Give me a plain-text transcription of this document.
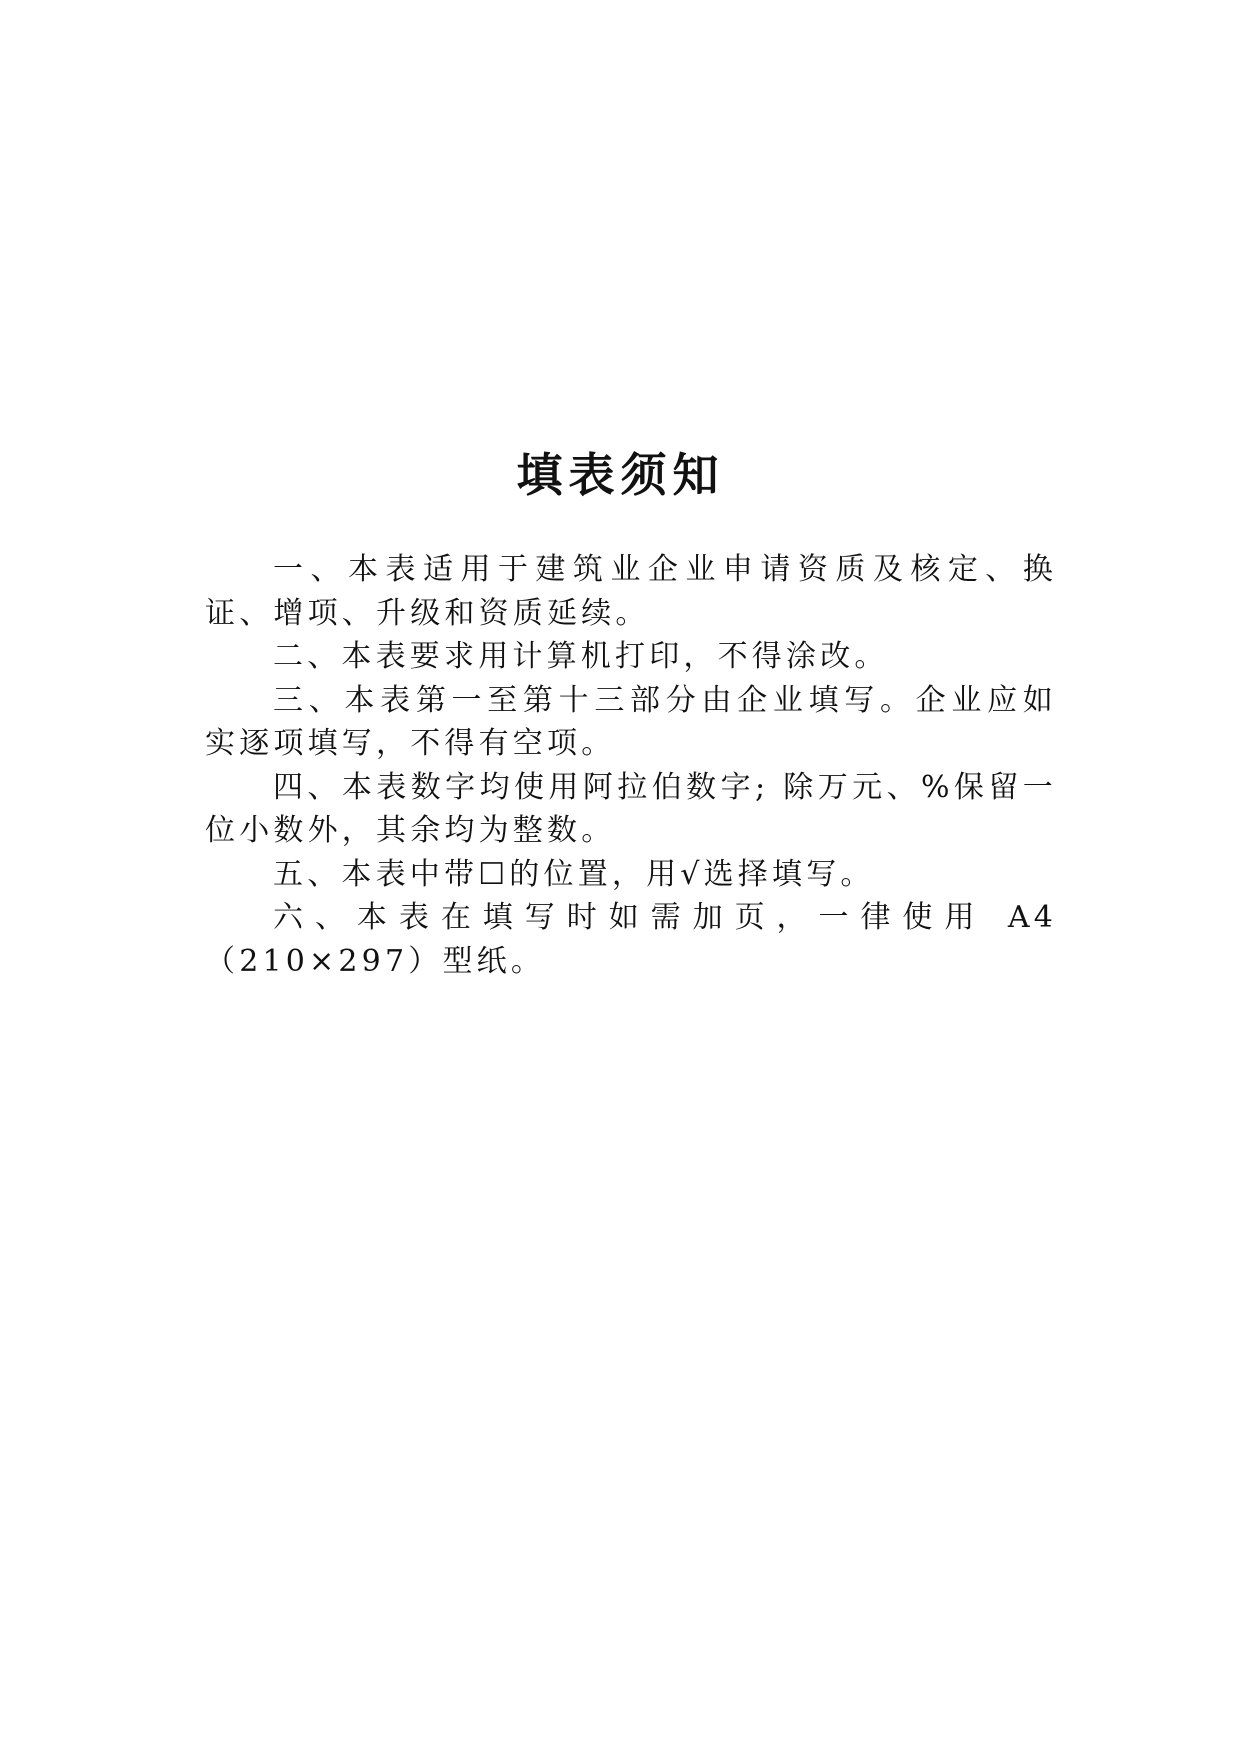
填表须知

一、本表适用于建筑业企业申请资质及核定、换证、增项、升级和资质延续。

二、本表要求用计算机打印，不得涂改。

三、本表第一至第十三部分由企业填写。企业应如实逐项填写，不得有空项。

四、本表数字均使用阿拉伯数字; 除万元、%保留一位小数外，其余均为整数。

五、本表中带☐的位置，用√选择填写。

六、本表在填写时如需加页，一律使用 A4（210×297）型纸。
